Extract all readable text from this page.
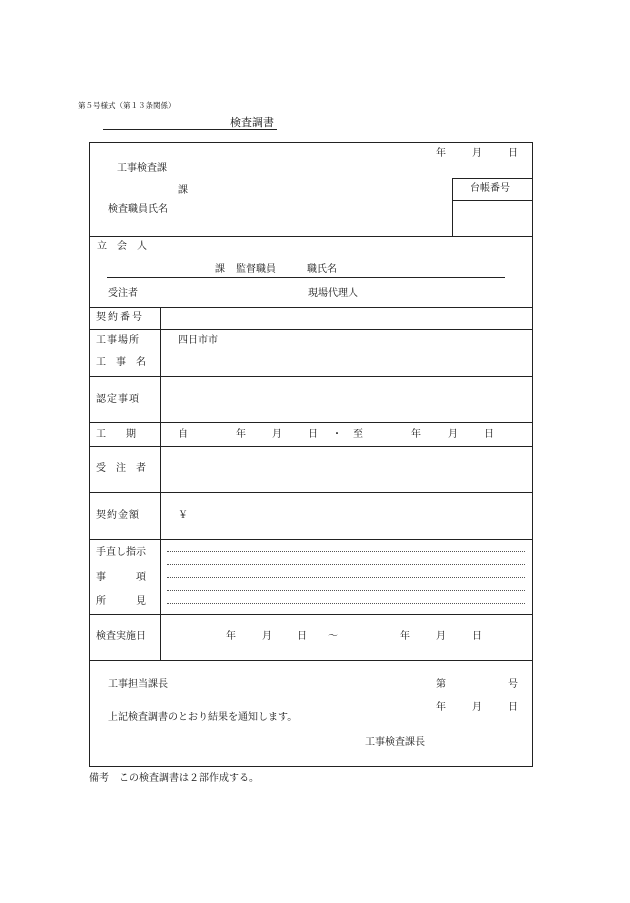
第５号様式（第１３条関係）
検査調書
年	月	日
工事検査課
課
検査職員氏名
台帳番号
立　会　人
課 監督職員	職氏名
受注者	現場代理人
契約番号
工事場所	四日市市
工　事　名
認定事項
工　　期	自	年	月	日 ・ 至	年	月	日
受　注　者
契約金額	￥
手直し指示
事　　　項
所　　　見
検査実施日	年	月	日 ～	年	月	日
工事担当課長	第	号
年	月	日
上記検査調書のとおり結果を通知します。
工事検査課長
備考　この検査調書は２部作成する。
